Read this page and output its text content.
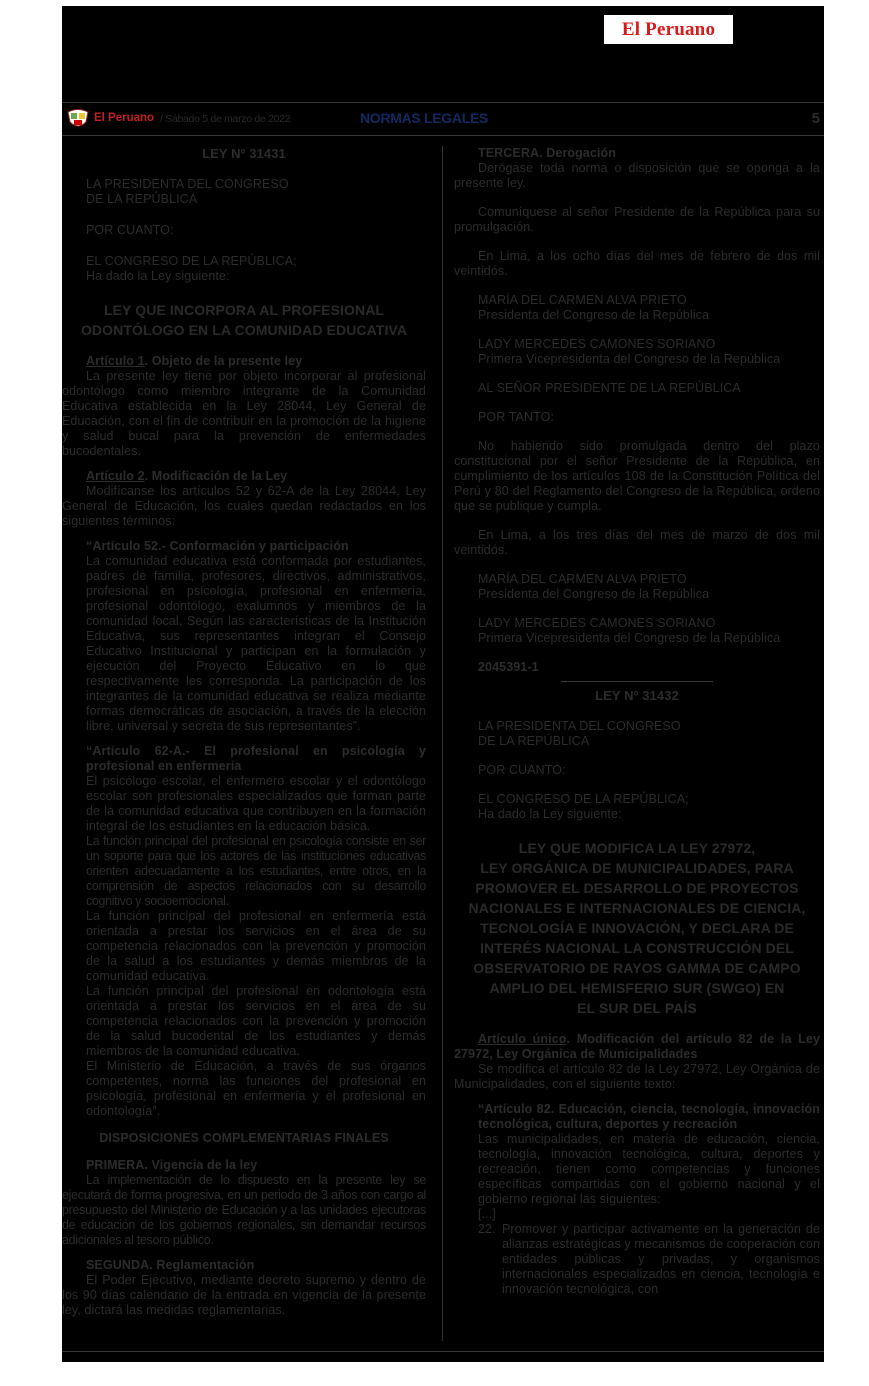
El Peruano
El Peruano / Sábado 5 de marzo de 2022	NORMAS LEGALES	5

LEY Nº 31431

LA PRESIDENTA DEL CONGRESO

DE LA REPÚBLICA

POR CUANTO:

EL CONGRESO DE LA REPÚBLICA;

Ha dado la Ley siguiente:

LEY QUE INCORPORA AL PROFESIONAL

ODONTÓLOGO EN LA COMUNIDAD EDUCATIVA

Artículo 1. Objeto de la presente ley

La presente ley tiene por objeto incorporar al profesional odontólogo como miembro integrante de la Comunidad Educativa establecida en la Ley 28044, Ley General de Educación, con el fin de contribuir en la promoción de la higiene y salud bucal para la prevención de enfermedades bucodentales.

Artículo 2. Modificación de la Ley

Modifícanse los artículos 52 y 62-A de la Ley 28044, Ley General de Educación, los cuales quedan redactados en los siguientes términos:

“Artículo 52.- Conformación y participación

La comunidad educativa está conformada por estudiantes, padres de familia, profesores, directivos, administrativos, profesional en psicología, profesional en enfermería, profesional odontólogo, exalumnos y miembros de la comunidad local. Según las características de la Institución Educativa, sus representantes integran el Consejo Educativo Institucional y participan en la formulación y ejecución del Proyecto Educativo en lo que respectivamente les corresponda. La participación de los integrantes de la comunidad educativa se realiza mediante formas democráticas de asociación, a través de la elección libre, universal y secreta de sus representantes”.

“Artículo 62-A.- El profesional en psicología y profesional en enfermería

El psicólogo escolar, el enfermero escolar y el odontólogo escolar son profesionales especializados que forman parte de la comunidad educativa que contribuyen en la formación integral de los estudiantes en la educación básica.

La función principal del profesional en psicología consiste en ser un soporte para que los actores de las instituciones educativas orienten adecuadamente a los estudiantes, entre otros, en la comprensión de aspectos relacionados con su desarrollo cognitivo y socioemocional.

La función principal del profesional en enfermería está orientada a prestar los servicios en el área de su competencia relacionados con la prevención y promoción de la salud a los estudiantes y demás miembros de la comunidad educativa.

La función principal del profesional en odontología está orientada a prestar los servicios en el área de su competencia relacionados con la prevención y promoción de la salud bucodental de los estudiantes y demás miembros de la comunidad educativa.

El Ministerio de Educación, a través de sus órganos competentes, norma las funciones del profesional en psicología, profesional en enfermería y el profesional en odontología”.

DISPOSICIONES COMPLEMENTARIAS FINALES

PRIMERA. Vigencia de la ley

La implementación de lo dispuesto en la presente ley se ejecutará de forma progresiva, en un periodo de 3 años con cargo al presupuesto del Ministerio de Educación y a las unidades ejecutoras de educación de los gobiernos regionales, sin demandar recursos adicionales al tesoro público.

SEGUNDA. Reglamentación

El Poder Ejecutivo, mediante decreto supremo y dentro de los 90 días calendario de la entrada en vigencia de la presente ley, dictará las medidas reglamentarias.

TERCERA. Derogación

Derógase toda norma o disposición que se oponga a la presente ley.

Comuníquese al señor Presidente de la República para su promulgación.

En Lima, a los ocho días del mes de febrero de dos mil veintidós.

MARÍA DEL CARMEN ALVA PRIETO

Presidenta del Congreso de la República

LADY MERCEDES CAMONES SORIANO

Primera Vicepresidenta del Congreso de la República

AL SEÑOR PRESIDENTE DE LA REPÚBLICA

POR TANTO:

No habiendo sido promulgada dentro del plazo constitucional por el señor Presidente de la República, en cumplimiento de los artículos 108 de la Constitución Política del Perú y 80 del Reglamento del Congreso de la República, ordeno que se publique y cumpla.

En Lima, a los tres días del mes de marzo de dos mil veintidós.

MARÍA DEL CARMEN ALVA PRIETO

Presidenta del Congreso de la República

LADY MERCEDES CAMONES SORIANO

Primera Vicepresidenta del Congreso de la República

2045391-1

LEY Nº 31432

LA PRESIDENTA DEL CONGRESO

DE LA REPÚBLICA

POR CUANTO:

EL CONGRESO DE LA REPÚBLICA;

Ha dado la Ley siguiente:

LEY QUE MODIFICA LA LEY 27972,

LEY ORGÁNICA DE MUNICIPALIDADES, PARA

PROMOVER EL DESARROLLO DE PROYECTOS

NACIONALES E INTERNACIONALES DE CIENCIA,

TECNOLOGÍA E INNOVACIÓN, Y DECLARA DE

INTERÉS NACIONAL LA CONSTRUCCIÓN DEL

OBSERVATORIO DE RAYOS GAMMA DE CAMPO

AMPLIO DEL HEMISFERIO SUR (SWGO) EN

EL SUR DEL PAÍS

Artículo único. Modificación del artículo 82 de la Ley 27972, Ley Orgánica de Municipalidades

Se modifica el artículo 82 de la Ley 27972, Ley Orgánica de Municipalidades, con el siguiente texto:

“Artículo 82. Educación, ciencia, tecnología, innovación tecnológica, cultura, deportes y recreación

Las municipalidades, en materia de educación, ciencia, tecnología, innovación tecnológica, cultura, deportes y recreación, tienen como competencias y funciones específicas compartidas con el gobierno nacional y el gobierno regional las siguientes:

[...]

22. Promover y participar activamente en la generación de alianzas estratégicas y mecanismos de cooperación con entidades públicas y privadas, y organismos internacionales especializados en ciencia, tecnología e innovación tecnológica, con
